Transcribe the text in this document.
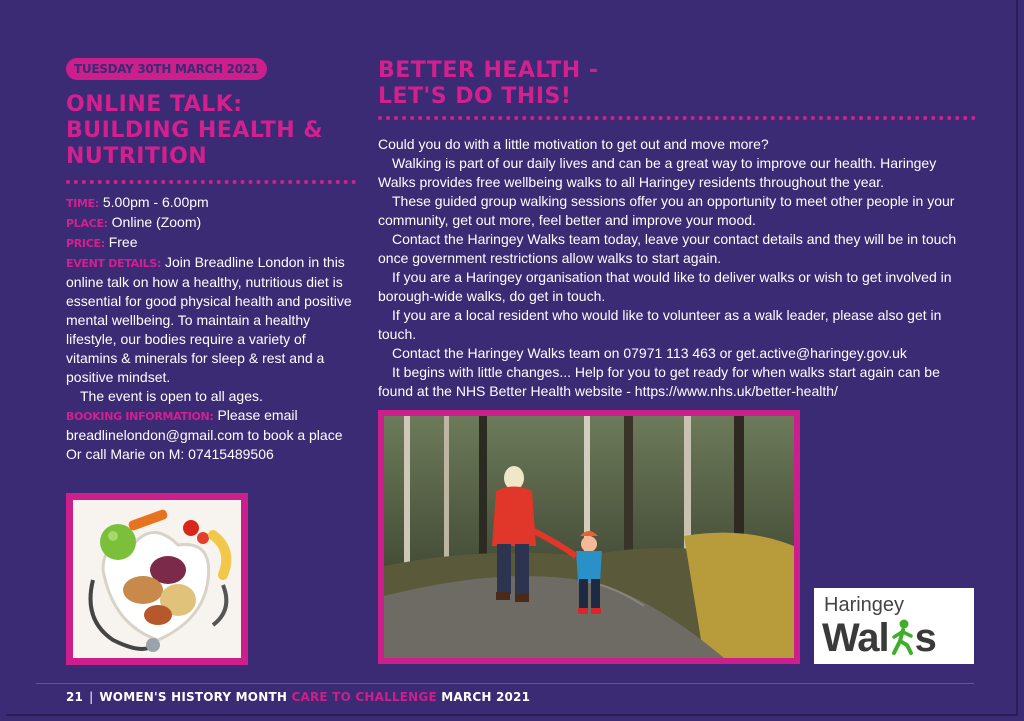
TUESDAY 30TH MARCH 2021
ONLINE TALK: BUILDING HEALTH & NUTRITION
TIME: 5.00pm - 6.00pm
PLACE: Online (Zoom)
PRICE: Free
EVENT DETAILS: Join Breadline London in this online talk on how a healthy, nutritious diet is essential for good physical health and positive mental wellbeing. To maintain a healthy lifestyle, our bodies require a variety of vitamins & minerals for sleep & rest and a positive mindset.
The event is open to all ages.
BOOKING INFORMATION: Please email breadlinelondon@gmail.com to book a place Or call Marie on M: 07415489506
BETTER HEALTH -
LET'S DO THIS!

Could you do with a little motivation to get out and move more?

Walking is part of our daily lives and can be a great way to improve our health. Haringey Walks provides free wellbeing walks to all Haringey residents throughout the year.

These guided group walking sessions offer you an opportunity to meet other people in your community, get out more, feel better and improve your mood.

Contact the Haringey Walks team today, leave your contact details and they will be in touch once government restrictions allow walks to start again.

If you are a Haringey organisation that would like to deliver walks or wish to get involved in borough-wide walks, do get in touch.

If you are a local resident who would like to volunteer as a walk leader, please also get in touch.

Contact the Haringey Walks team on 07971 113 463 or get.active@haringey.gov.uk

It begins with little changes... Help for you to get ready for when walks start again can be found at the NHS Better Health website - https://www.nhs.uk/better-health/

Haringey
Wal s
21 | WOMEN'S HISTORY MONTH CARE TO CHALLENGE MARCH 2021
